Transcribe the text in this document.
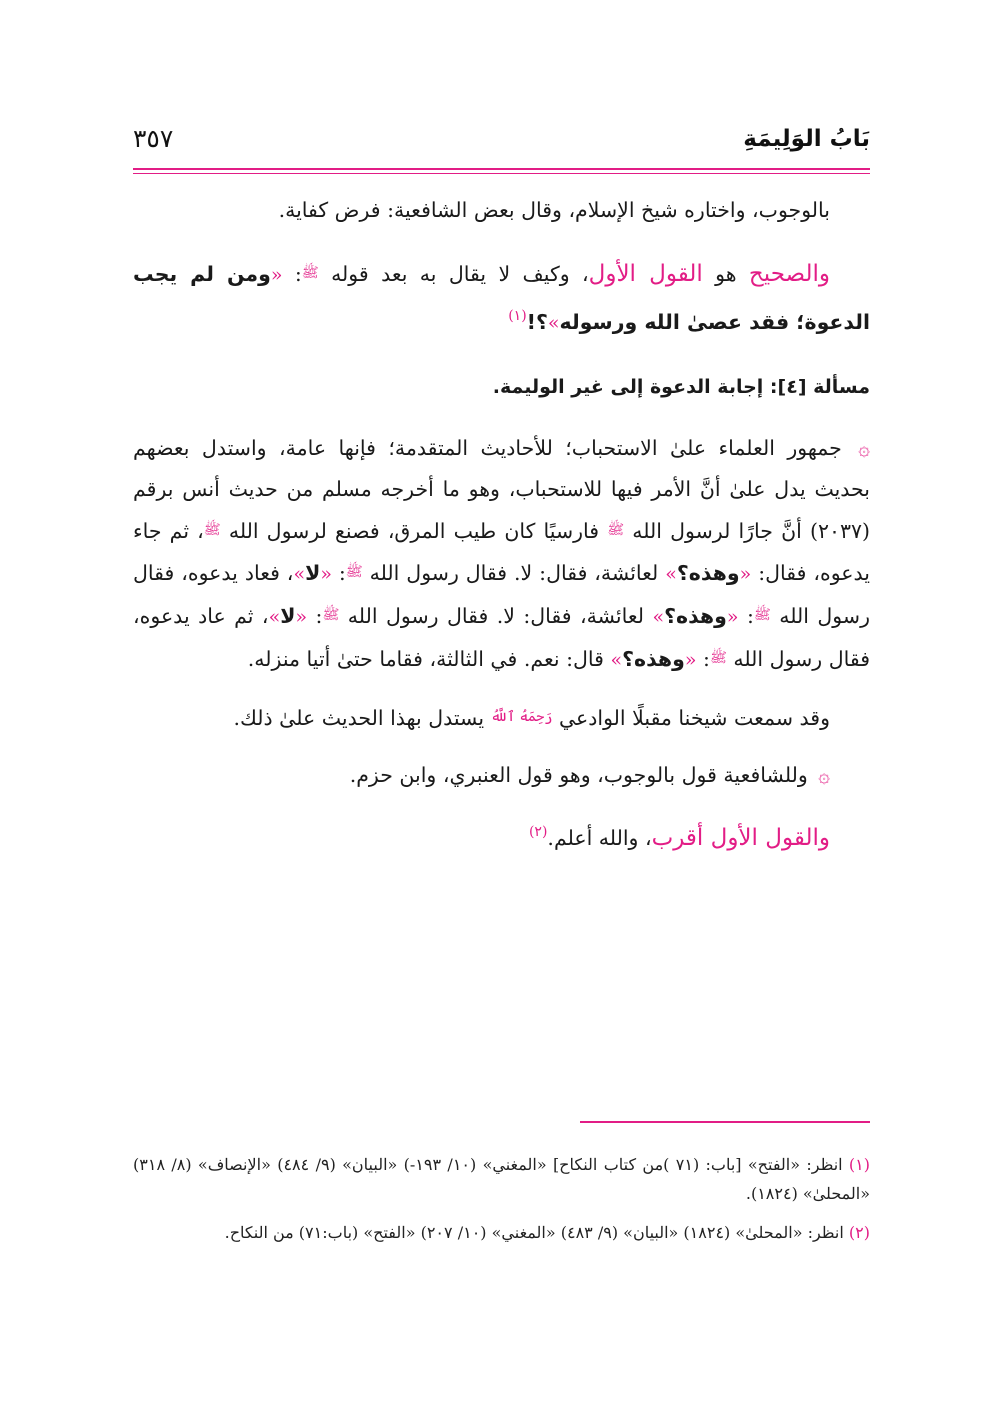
بَابُ الوَلِيمَةِ
٣٥٧

بالوجوب، واختاره شيخ الإسلام، وقال بعض الشافعية: فرض كفاية.

والصحيح هو القول الأول، وكيف لا يقال به بعد قوله ﷺ: «ومن لم يجب الدعوة؛ فقد عصىٰ الله ورسوله»؟!$^{(١)}$

مسألة [٤]: إجابة الدعوة إلى غير الوليمة.

۞ جمهور العلماء علىٰ الاستحباب؛ للأحاديث المتقدمة؛ فإنها عامة، واستدل بعضهم بحديث يدل علىٰ أنَّ الأمر فيها للاستحباب، وهو ما أخرجه مسلم من حديث أنس برقم (٢٠٣٧) أنَّ جارًا لرسول الله ﷺ فارسيًا كان طيب المرق، فصنع لرسول الله ﷺ، ثم جاء يدعوه، فقال: «وهذه؟» لعائشة، فقال: لا. فقال رسول الله ﷺ: «لا»، فعاد يدعوه، فقال رسول الله ﷺ: «وهذه؟» لعائشة، فقال: لا. فقال رسول الله ﷺ: «لا»، ثم عاد يدعوه، فقال رسول الله ﷺ: «وهذه؟» قال: نعم. في الثالثة، فقاما حتىٰ أتيا منزله.

وقد سمعت شيخنا مقبلًا الوادعي رَحِمَهُ ٱللَّهُ يستدل بهذا الحديث علىٰ ذلك.

۞ وللشافعية قول بالوجوب، وهو قول العنبري، وابن حزم.

والقول الأول أقرب، والله أعلم.$^{(٢)}$

(١) انظر: «الفتح» [باب: (٧١ )من كتاب النكاح] «المغني» (١٠/ ١٩٣-) «البيان» (٩/ ٤٨٤) «الإنصاف» (٨/ ٣١٨) «المحلىٰ» (١٨٢٤).

(٢) انظر: «المحلىٰ» (١٨٢٤) «البيان» (٩/ ٤٨٣) «المغني» (١٠/ ٢٠٧) «الفتح» (باب:٧١) من النكاح.
